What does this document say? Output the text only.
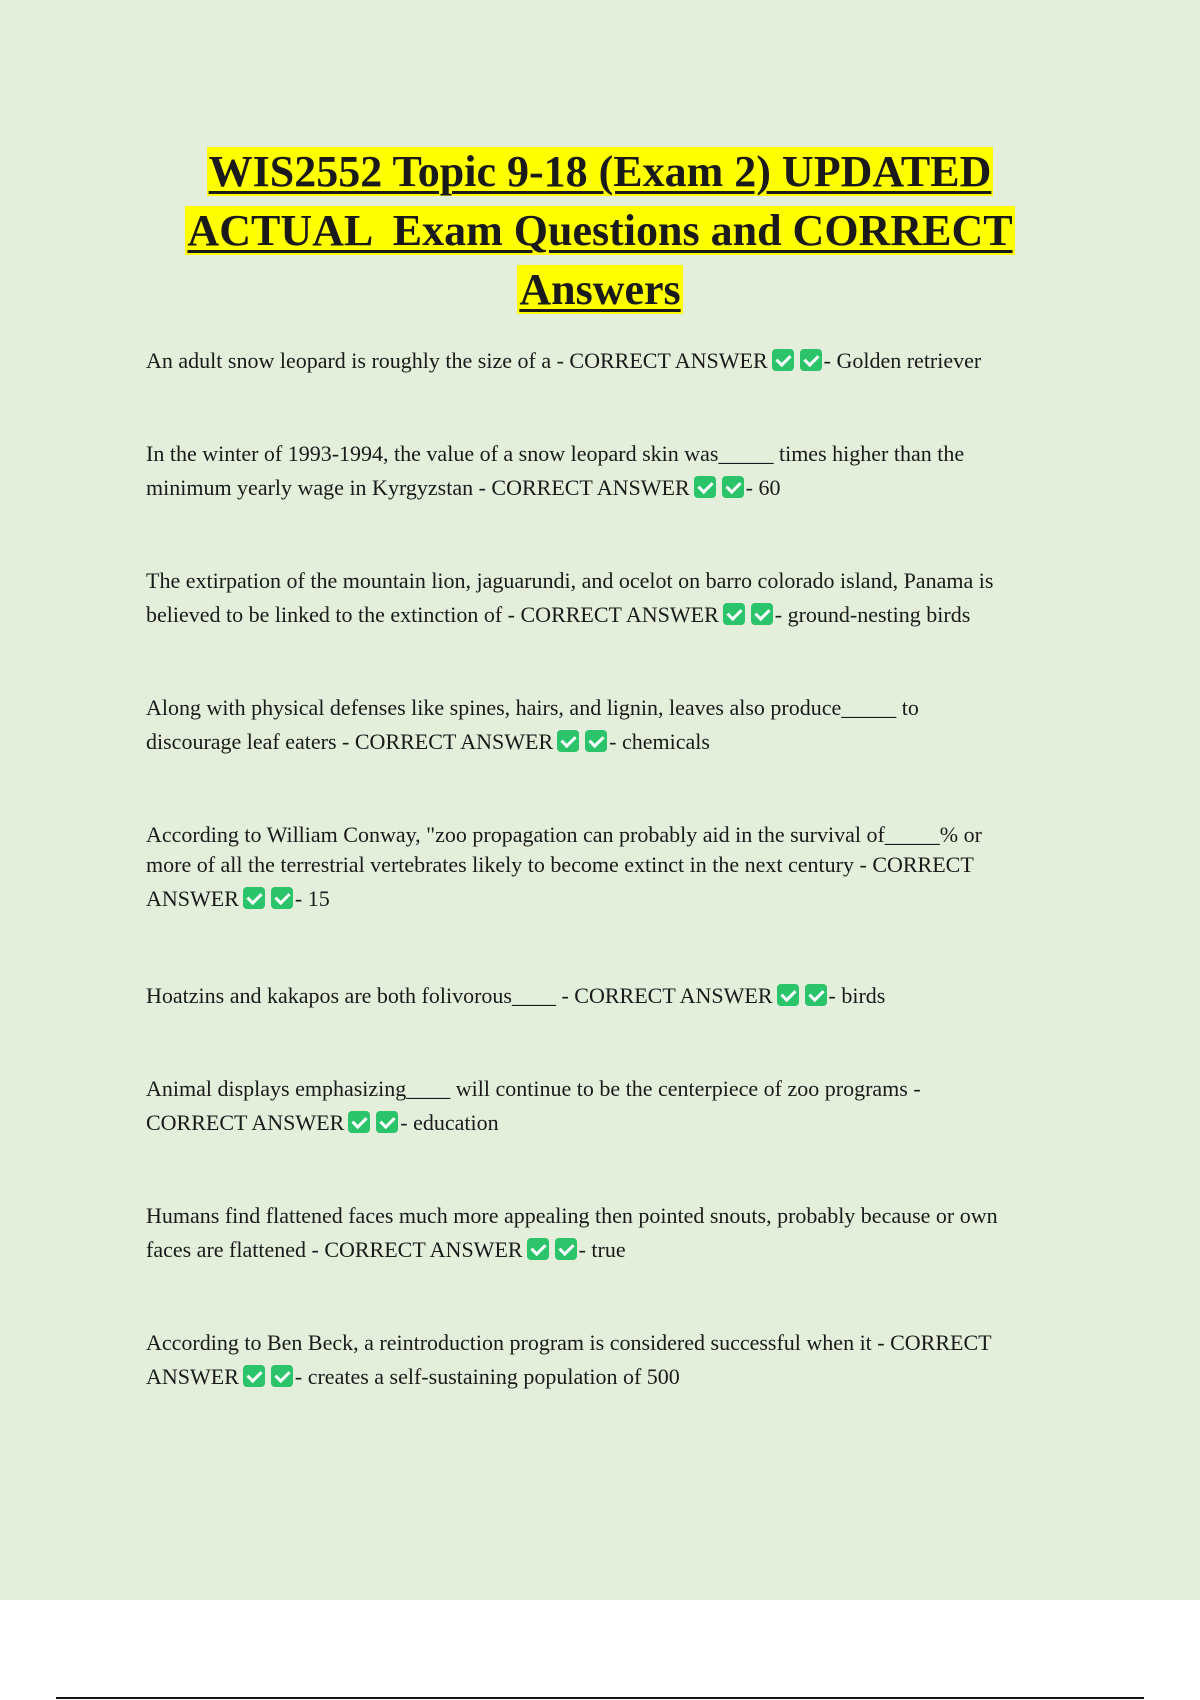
WIS2552 Topic 9-18 (Exam 2) UPDATED
ACTUAL  Exam Questions and CORRECT
Answers
An adult snow leopard is roughly the size of a - CORRECT ANSWER	- Golden retriever
In the winter of 1993-1994, the value of a snow leopard skin was_____ times higher than the
minimum yearly wage in Kyrgyzstan - CORRECT ANSWER	- 60
The extirpation of the mountain lion, jaguarundi, and ocelot on barro colorado island, Panama is
believed to be linked to the extinction of - CORRECT ANSWER	- ground-nesting birds
Along with physical defenses like spines, hairs, and lignin, leaves also produce_____ to
discourage leaf eaters - CORRECT ANSWER	- chemicals
According to William Conway, "zoo propagation can probably aid in the survival of_____% or
more of all the terrestrial vertebrates likely to become extinct in the next century - CORRECT
ANSWER	- 15
Hoatzins and kakapos are both folivorous____ - CORRECT ANSWER	- birds
Animal displays emphasizing____ will continue to be the centerpiece of zoo programs -
CORRECT ANSWER	- education
Humans find flattened faces much more appealing then pointed snouts, probably because or own
faces are flattened - CORRECT ANSWER	- true
According to Ben Beck, a reintroduction program is considered successful when it - CORRECT
ANSWER	- creates a self-sustaining population of 500
